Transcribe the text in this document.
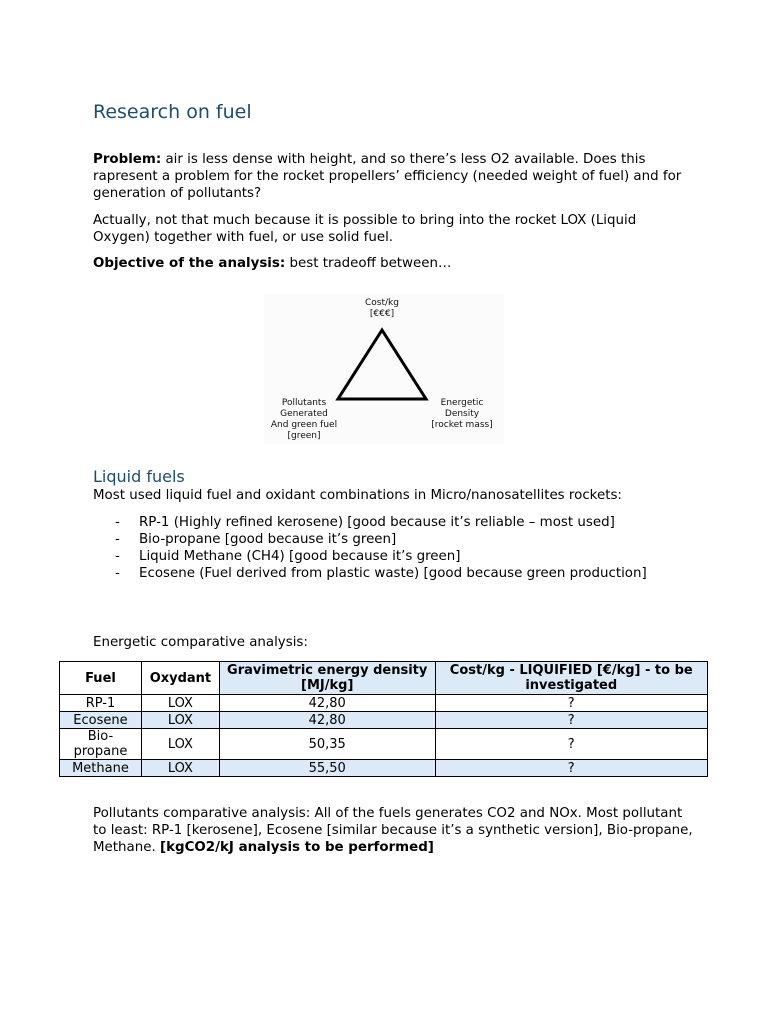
Research on fuel

Problem: air is less dense with height, and so there’s less O2 available. Does this rapresent a problem for the rocket propellers’ efficiency (needed weight of fuel) and for generation of pollutants?

Actually, not that much because it is possible to bring into the rocket LOX (Liquid Oxygen) together with fuel, or use solid fuel.

Objective of the analysis: best tradeoff between…

Cost/kg
[€€€]
Pollutants
Generated
And green fuel
[green]
Energetic
Density
[rocket mass]
Liquid fuels

Most used liquid fuel and oxidant combinations in Micro/nanosatellites rockets:

- RP-1 (Highly refined kerosene) [good because it’s reliable – most used]
- Bio-propane [good because it’s green]
- Liquid Methane (CH4) [good because it’s green]
- Ecosene (Fuel derived from plastic waste) [good because green production]

Energetic comparative analysis:

Fuel	Oxydant	Gravimetric energy density [MJ/kg]	Cost/kg - LIQUIFIED [€/kg] - to be investigated
RP-1	LOX	42,80	?
Ecosene	LOX	42,80	?
Bio-propane	LOX	50,35	?
Methane	LOX	55,50	?

Pollutants comparative analysis: All of the fuels generates CO2 and NOx. Most pollutant to least: RP-1 [kerosene], Ecosene [similar because it’s a synthetic version], Bio-propane, Methane. [kgCO2/kJ analysis to be performed]
